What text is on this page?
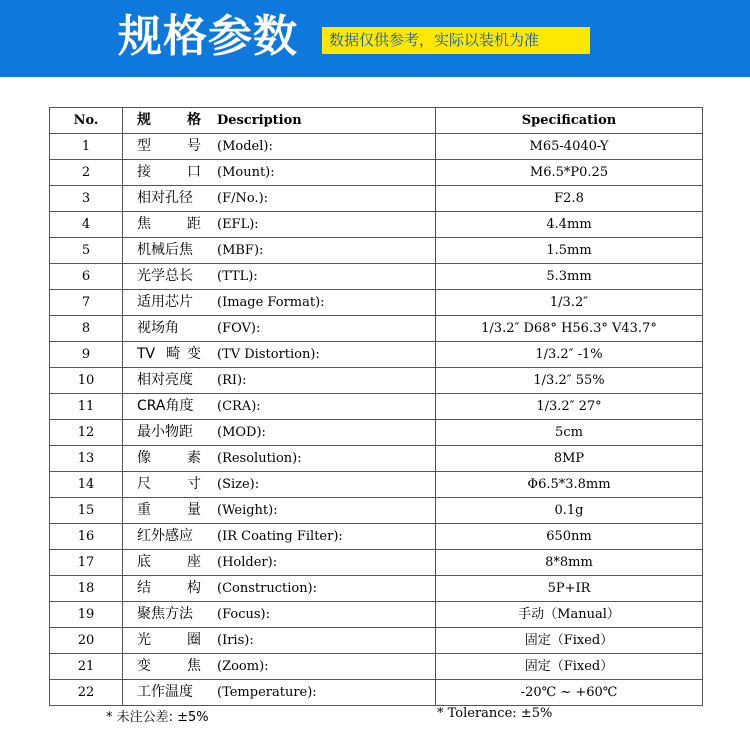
规格参数	数据仅供参考，实际以装机为准
No.	规 格 Description	Specification
1	型 号 (Model):	M65-4040-Y
2	接 口 (Mount):	M6.5*P0.25
3	相对孔径 (F/No.):	F2.8
4	焦 距 (EFL):	4.4mm
5	机械后焦 (MBF):	1.5mm
6	光学总长 (TTL):	5.3mm
7	适用芯片 (Image Format):	1/3.2″
8	视场角 (FOV):	1/3.2″ D68° H56.3° V43.7°
9	TV 畸变 (TV Distortion):	1/3.2″ -1%
10	相对亮度 (RI):	1/3.2″ 55%
11	CRA角度 (CRA):	1/3.2″ 27°
12	最小物距 (MOD):	5cm
13	像 素 (Resolution):	8MP
14	尺 寸 (Size):	Φ6.5*3.8mm
15	重 量 (Weight):	0.1g
16	红外感应 (IR Coating Filter):	650nm
17	底 座 (Holder):	8*8mm
18	结 构 (Construction):	5P+IR
19	聚焦方法 (Focus):	手动（Manual）
20	光 圈 (Iris):	固定（Fixed）
21	变 焦 (Zoom):	固定（Fixed）
22	工作温度 (Temperature):	-20℃ ~ +60℃
* 未注公差: ±5%	* Tolerance: ±5%
